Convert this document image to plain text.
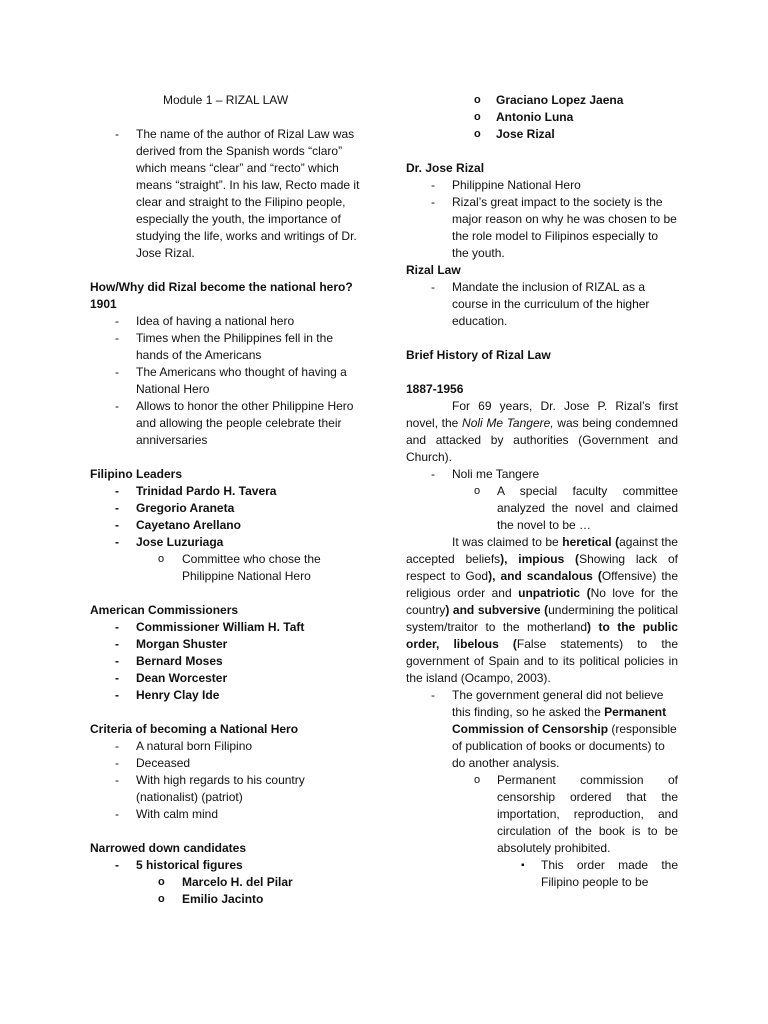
Module 1 – RIZAL LAW
- The name of the author of Rizal Law was derived from the Spanish words “claro” which means “clear” and “recto” which means “straight”. In his law, Recto made it clear and straight to the Filipino people, especially the youth, the importance of studying the life, works and writings of Dr. Jose Rizal.
How/Why did Rizal become the national hero?
1901
- Idea of having a national hero
- Times when the Philippines fell in the hands of the Americans
- The Americans who thought of having a National Hero
- Allows to honor the other Philippine Hero and allowing the people celebrate their anniversaries
Filipino Leaders
- Trinidad Pardo H. Tavera
- Gregorio Araneta
- Cayetano Arellano
- Jose Luzuriaga
o Committee who chose the Philippine National Hero
American Commissioners
- Commissioner William H. Taft
- Morgan Shuster
- Bernard Moses
- Dean Worcester
- Henry Clay Ide
Criteria of becoming a National Hero
- A natural born Filipino
- Deceased
- With high regards to his country (nationalist) (patriot)
- With calm mind
Narrowed down candidates
- 5 historical figures
o Marcelo H. del Pilar
o Emilio Jacinto
o Graciano Lopez Jaena
o Antonio Luna
o Jose Rizal
Dr. Jose Rizal
- Philippine National Hero
- Rizal’s great impact to the society is the major reason on why he was chosen to be the role model to Filipinos especially to the youth.
Rizal Law
- Mandate the inclusion of RIZAL as a course in the curriculum of the higher education.
Brief History of Rizal Law
1887-1956
For 69 years, Dr. Jose P. Rizal’s first novel, the Noli Me Tangere, was being condemned and attacked by authorities (Government and Church).
- Noli me Tangere
o A special faculty committee analyzed the novel and claimed the novel to be …
It was claimed to be heretical (against the accepted beliefs), impious (Showing lack of respect to God), and scandalous (Offensive) the religious order and unpatriotic (No love for the country) and subversive (undermining the political system/traitor to the motherland) to the public order, libelous (False statements) to the government of Spain and to its political policies in the island (Ocampo, 2003).
- The government general did not believe this finding, so he asked the Permanent Commission of Censorship (responsible of publication of books or documents) to do another analysis.
o Permanent commission of censorship ordered that the importation, reproduction, and circulation of the book is to be absolutely prohibited.
▪ This order made the Filipino people to be
